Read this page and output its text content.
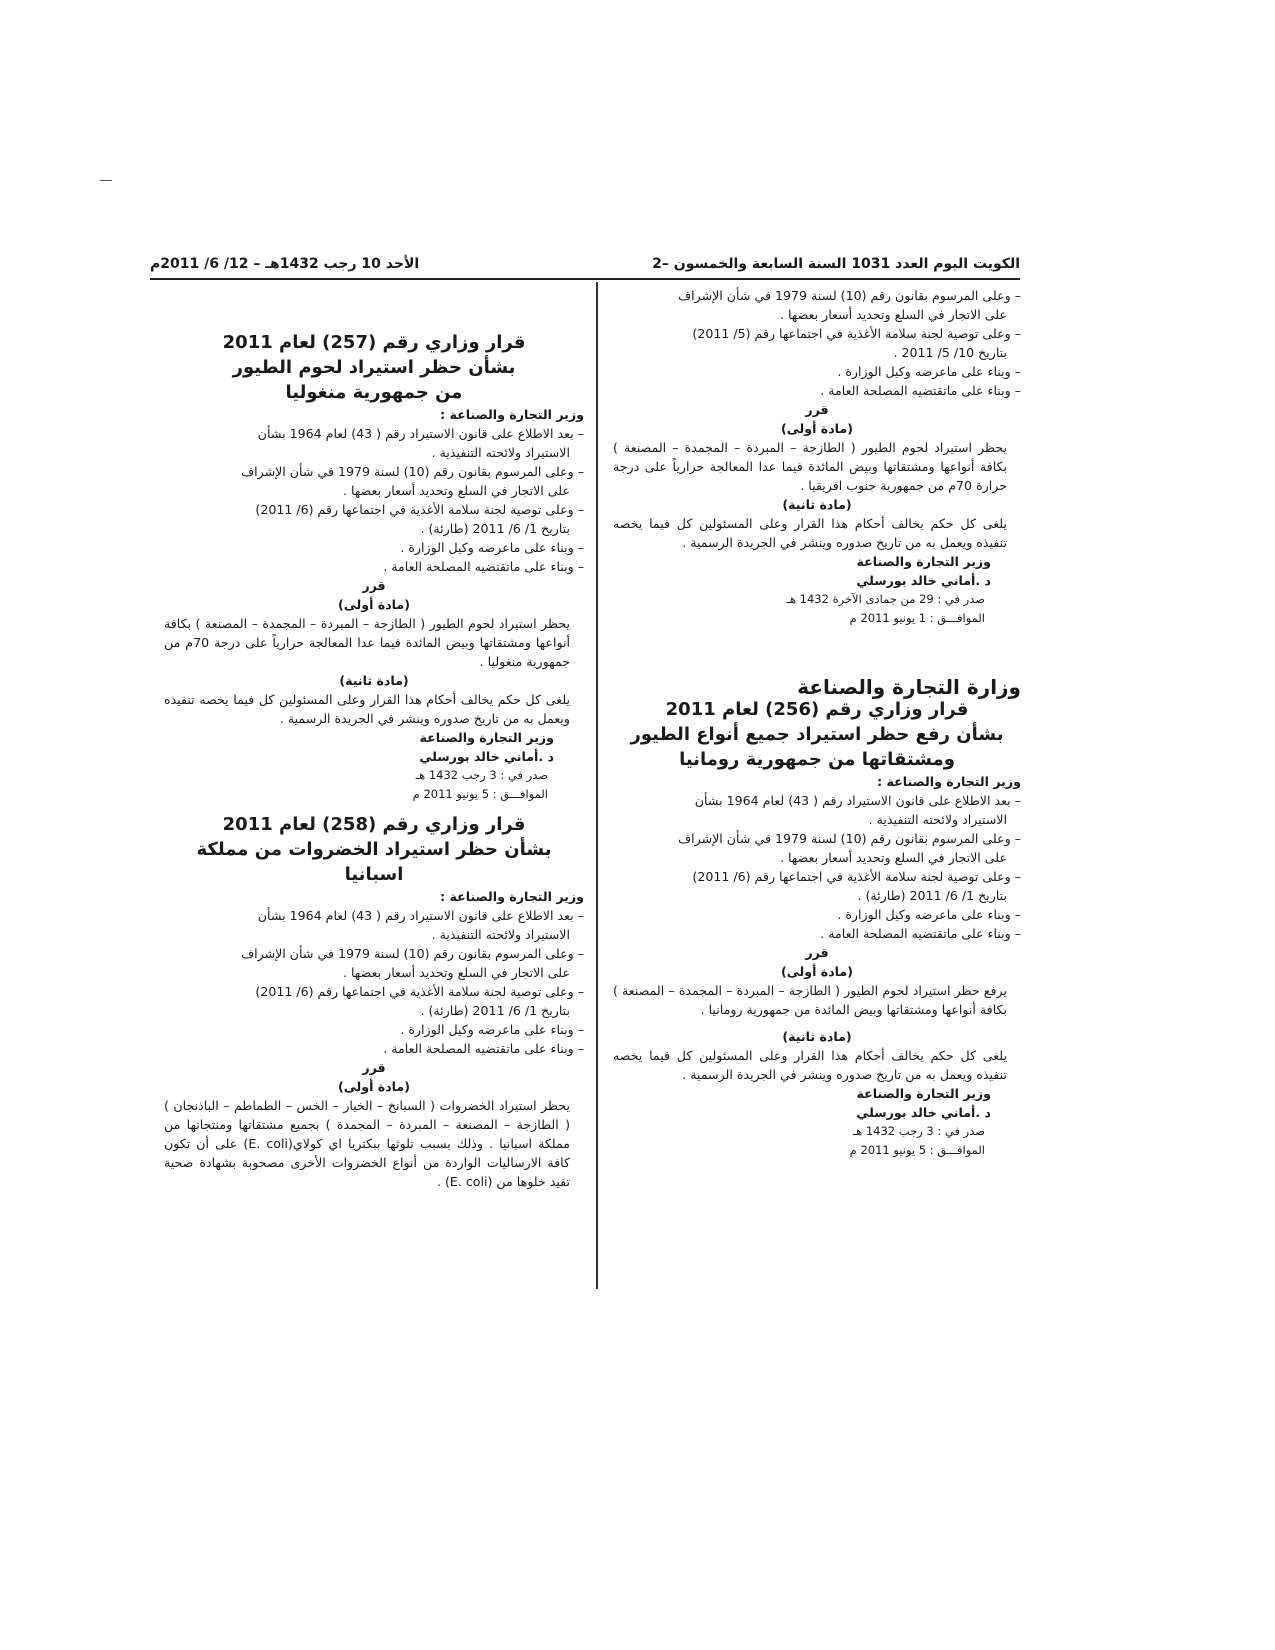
الكويت اليوم العدد 1031 السنة السابعة والخمسون –2
الأحد 10 رجب 1432هـ – 12/ 6/ 2011م

– وعلى المرسوم بقانون رقم (10) لسنة 1979 في شأن الإشراف

على الاتجار في السلع وتحديد أسعار بعضها .

– وعلى توصية لجنة سلامة الأغذية في اجتماعها رقم (5/ 2011)

بتاريخ 10/ 5/ 2011 .

– وبناء على ماعرضه وكيل الوزارة .

– وبناء على ماتقتضيه المصلحة العامة .

قرر

(مادة أولى)

يحظر استيراد لحوم الطيور ( الطازجة – المبردة – المجمدة – المصنعة ) بكافة أنواعها ومشتقاتها وبيض المائدة فيما عدا المعالجة حرارياً على درجة حرارة 70م من جمهورية جنوب افريقيا .

(مادة ثانية)

يلغى كل حكم يخالف أحكام هذا القرار وعلى المسئولين كل فيما يخصه تنفيذه ويعمل به من تاريخ صدوره وينشر في الجريدة الرسمية .

وزير التجارة والصناعة

د .أماني خالد بورسلي

صدر في : 29 من جمادى الآخرة 1432 هـ

الموافـــق : 1 يونيو 2011 م

وزارة التجارة والصناعة

قرار وزاري رقم (256) لعام 2011

بشأن رفع حظر استيراد جميع أنواع الطيور

ومشتقاتها من جمهورية رومانيا

وزير التجارة والصناعة :

– بعد الاطلاع على قانون الاستيراد رقم ( 43) لعام 1964 بشأن

الاستيراد ولائحته التنفيذية .

– وعلى المرسوم بقانون رقم (10) لسنة 1979 في شأن الإشراف

على الاتجار في السلع وتحديد أسعار بعضها .

– وعلى توصية لجنة سلامة الأغذية في اجتماعها رقم (6/ 2011)

بتاريخ 1/ 6/ 2011 (طارئة) .

– وبناء على ماعرضه وكيل الوزارة .

– وبناء على ماتقتضيه المصلحة العامة .

قرر

(مادة أولى)

يرفع حظر استيراد لحوم الطيور ( الطازجة – المبردة – المجمدة – المصنعة ) بكافة أنواعها ومشتقاتها وبيض المائدة من جمهورية رومانيا .

(مادة ثانية)

يلغى كل حكم يخالف أحكام هذا القرار وعلى المسئولين كل فيما يخصه تنفيذه ويعمل به من تاريخ صدوره وينشر في الجريدة الرسمية .

وزير التجارة والصناعة

د .أماني خالد بورسلي

صدر في : 3 رجب 1432 هـ

الموافـــق : 5 يونيو 2011 م

قرار وزاري رقم (257) لعام 2011

بشأن حظر استيراد لحوم الطيور

من جمهورية منغوليا

وزير التجارة والصناعة :

– بعد الاطلاع على قانون الاستيراد رقم ( 43) لعام 1964 بشأن

الاستيراد ولائحته التنفيذية .

– وعلى المرسوم بقانون رقم (10) لسنة 1979 في شأن الإشراف

على الاتجار في السلع وتحديد أسعار بعضها .

– وعلى توصية لجنة سلامة الأغذية في اجتماعها رقم (6/ 2011)

بتاريخ 1/ 6/ 2011 (طارئة) .

– وبناء على ماعرضه وكيل الوزارة .

– وبناء على ماتقتضيه المصلحة العامة .

قرر

(مادة أولى)

يحظر استيراد لحوم الطيور ( الطازجة – المبردة – المجمدة – المصنعة ) بكافة أنواعها ومشتقاتها وبيض المائدة فيما عدا المعالجة حرارياً على درجة 70م من جمهورية منغوليا .

(مادة ثانية)

يلغى كل حكم يخالف أحكام هذا القرار وعلى المسئولين كل فيما يخصه تنفيذه ويعمل به من تاريخ صدوره وينشر في الجريدة الرسمية .

وزير التجارة والصناعة

د .أماني خالد بورسلي

صدر في : 3 رجب 1432 هـ

الموافـــق : 5 يونيو 2011 م

قرار وزاري رقم (258) لعام 2011

بشأن حظر استيراد الخضروات من مملكة اسبانيا

وزير التجارة والصناعة :

– بعد الاطلاع على قانون الاستيراد رقم ( 43) لعام 1964 بشأن

الاستيراد ولائحته التنفيذية .

– وعلى المرسوم بقانون رقم (10) لسنة 1979 في شأن الإشراف

على الاتجار في السلع وتحديد أسعار بعضها .

– وعلى توصية لجنة سلامة الأغذية في اجتماعها رقم (6/ 2011)

بتاريخ 1/ 6/ 2011 (طارئة) .

– وبناء على ماعرضه وكيل الوزارة .

– وبناء على ماتقتضيه المصلحة العامة .

قرر

(مادة أولى)

يحظر استيراد الخضروات ( السبانخ – الخيار – الخس – الطماطم – الباذنجان ) ( الطازجة – المصنعة – المبردة – المجمدة ) بجميع مشتقاتها ومنتجاتها من مملكة اسبانيا . وذلك بسبب تلوثها ببكتريا اي كولاي(E. coli) على أن تكون كافة الارساليات الواردة من أنواع الخضروات الأخرى مصحوبة بشهادة صحية تفيد خلوها من (E. coli) .
